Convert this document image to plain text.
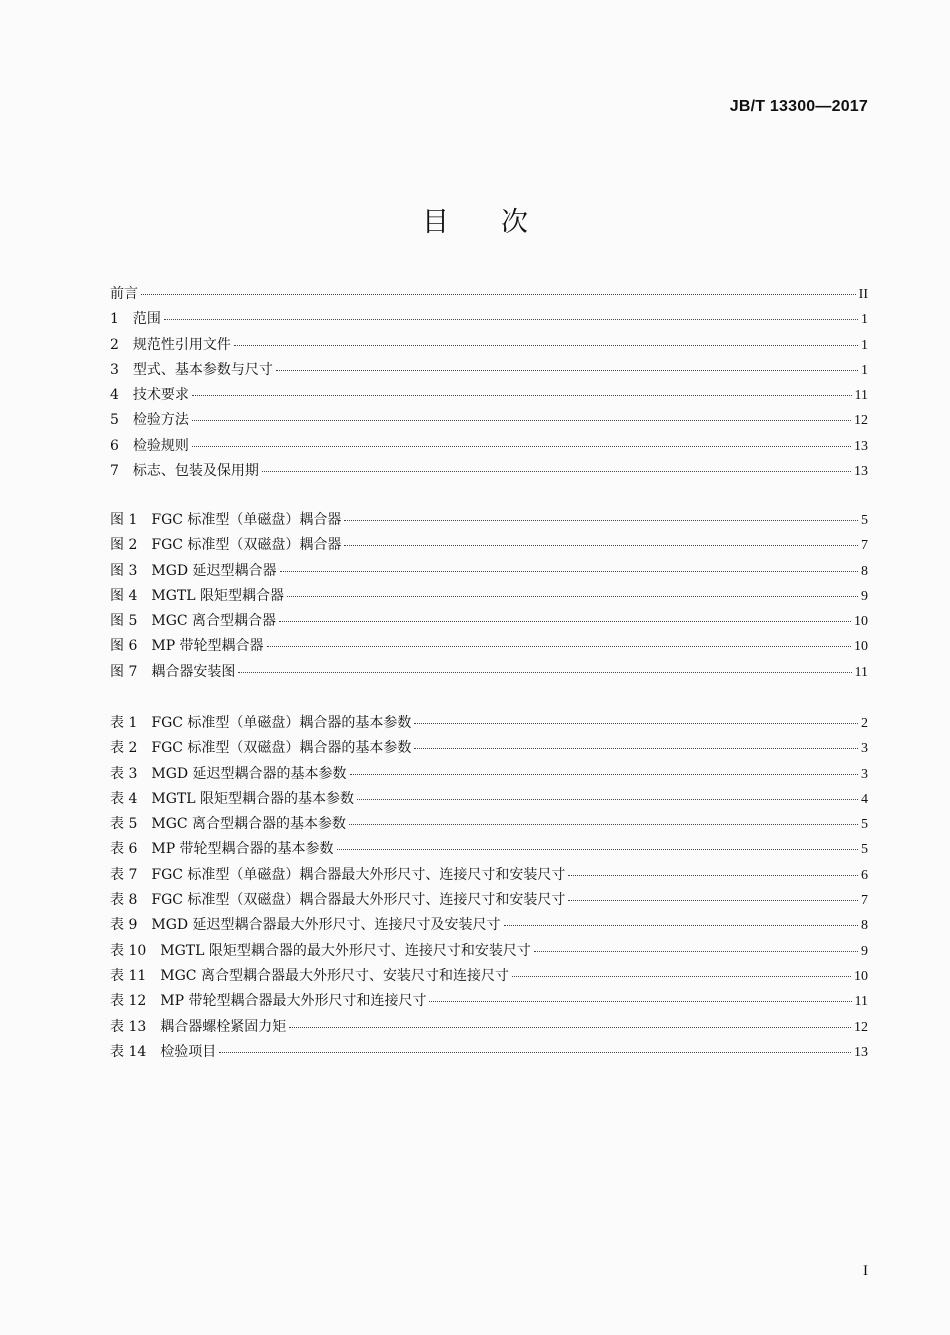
JB/T 13300—2017
目次
前言	II
1　范围	1
2　规范性引用文件	1
3　型式、基本参数与尺寸	1
4　技术要求	11
5　检验方法	12
6　检验规则	13
7　标志、包装及保用期	13
图 1　FGC 标准型（单磁盘）耦合器	5
图 2　FGC 标准型（双磁盘）耦合器	7
图 3　MGD 延迟型耦合器	8
图 4　MGTL 限矩型耦合器	9
图 5　MGC 离合型耦合器	10
图 6　MP 带轮型耦合器	10
图 7　耦合器安装图	11
表 1　FGC 标准型（单磁盘）耦合器的基本参数	2
表 2　FGC 标准型（双磁盘）耦合器的基本参数	3
表 3　MGD 延迟型耦合器的基本参数	3
表 4　MGTL 限矩型耦合器的基本参数	4
表 5　MGC 离合型耦合器的基本参数	5
表 6　MP 带轮型耦合器的基本参数	5
表 7　FGC 标准型（单磁盘）耦合器最大外形尺寸、连接尺寸和安装尺寸	6
表 8　FGC 标准型（双磁盘）耦合器最大外形尺寸、连接尺寸和安装尺寸	7
表 9　MGD 延迟型耦合器最大外形尺寸、连接尺寸及安装尺寸	8
表 10　MGTL 限矩型耦合器的最大外形尺寸、连接尺寸和安装尺寸	9
表 11　MGC 离合型耦合器最大外形尺寸、安装尺寸和连接尺寸	10
表 12　MP 带轮型耦合器最大外形尺寸和连接尺寸	11
表 13　耦合器螺栓紧固力矩	12
表 14　检验项目	13
I
